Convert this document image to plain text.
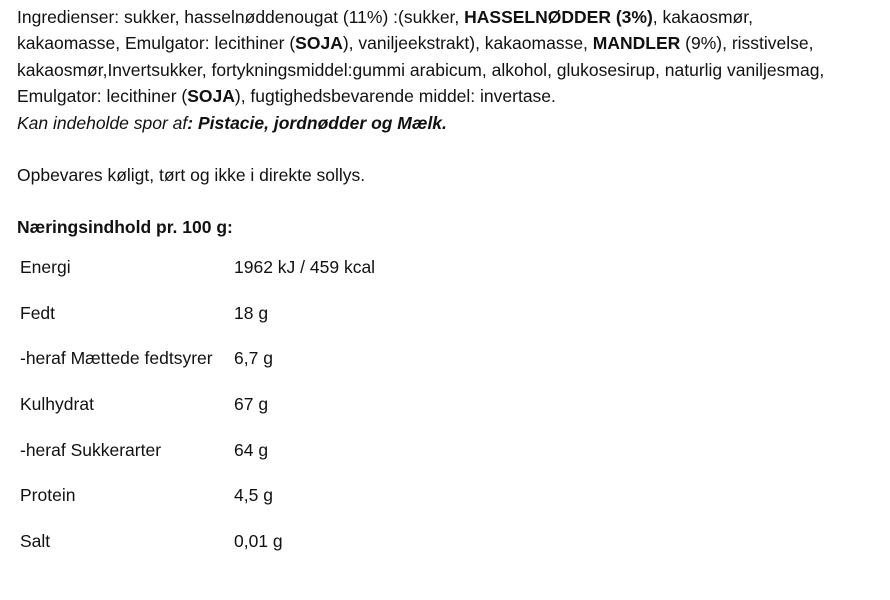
Ingredienser: sukker, hasselnøddenougat (11%) :(sukker, HASSELNØDDER (3%), kakaosmør, kakaomasse, Emulgator: lecithiner (SOJA), vaniljeekstrakt), kakaomasse, MANDLER (9%), risstivelse, kakaosmør,Invertsukker, fortykningsmiddel:gummi arabicum, alkohol, glukosesirup, naturlig vaniljesmag, Emulgator: lecithiner (SOJA), fugtighedsbevarende middel: invertase.
Kan indeholde spor af: Pistacie, jordnødder og Mælk.

Opbevares køligt, tørt og ikke i direkte sollys.

Næringsindhold pr. 100 g:

Energi	1962 kJ / 459 kcal
Fedt	18 g
-heraf Mættede fedtsyrer	6,7 g
Kulhydrat	67 g
-heraf Sukkerarter	64 g
Protein	4,5 g
Salt	0,01 g
